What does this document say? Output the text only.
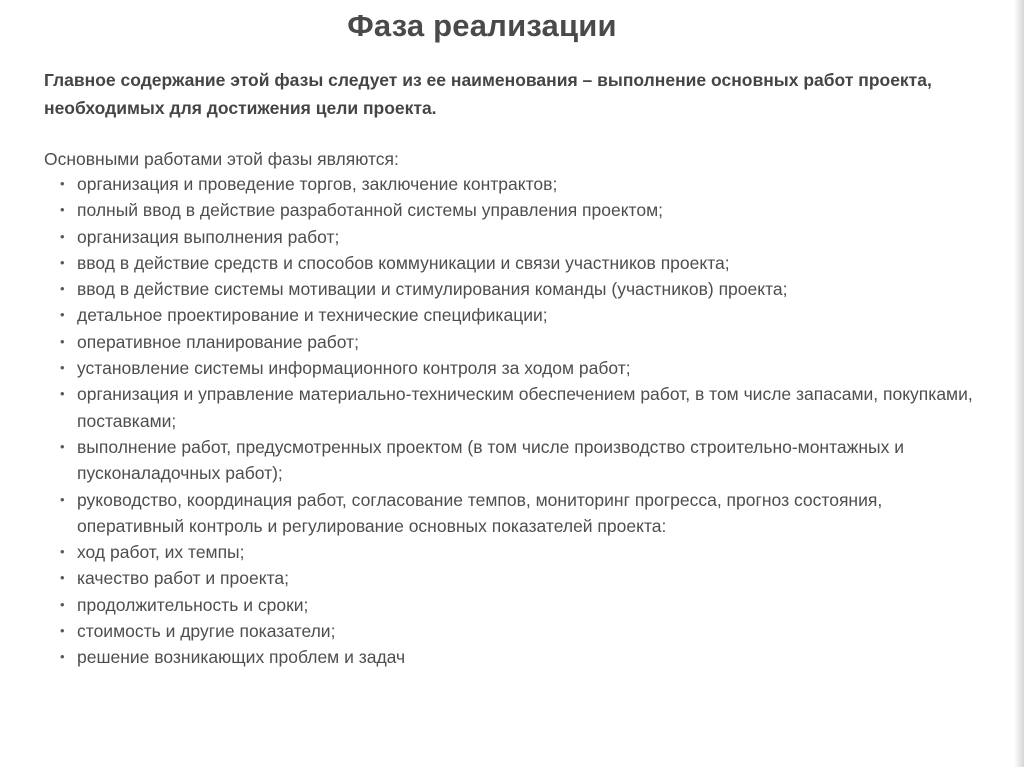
Фаза реализации

Главное содержание этой фазы следует из ее наименования – выполнение основных работ проекта, необходимых для достижения цели проекта.

Основными работами этой фазы являются:

• организация и проведение торгов, заключение контрактов;
• полный ввод в действие разработанной системы управления проектом;
• организация выполнения работ;
• ввод в действие средств и способов коммуникации и связи участников проекта;
• ввод в действие системы мотивации и стимулирования команды (участников) проекта;
• детальное проектирование и технические спецификации;
• оперативное планирование работ;
• установление системы информационного контроля за ходом работ;
• организация и управление материально-техническим обеспечением работ, в том числе запасами, покупками, поставками;
• выполнение работ, предусмотренных проектом (в том числе производство строительно-монтажных и пусконаладочных работ);
• руководство, координация работ, согласование темпов, мониторинг прогресса, прогноз состояния, оперативный контроль и регулирование основных показателей проекта:
• ход работ, их темпы;
• качество работ и проекта;
• продолжительность и сроки;
• стоимость и другие показатели;
• решение возникающих проблем и задач
